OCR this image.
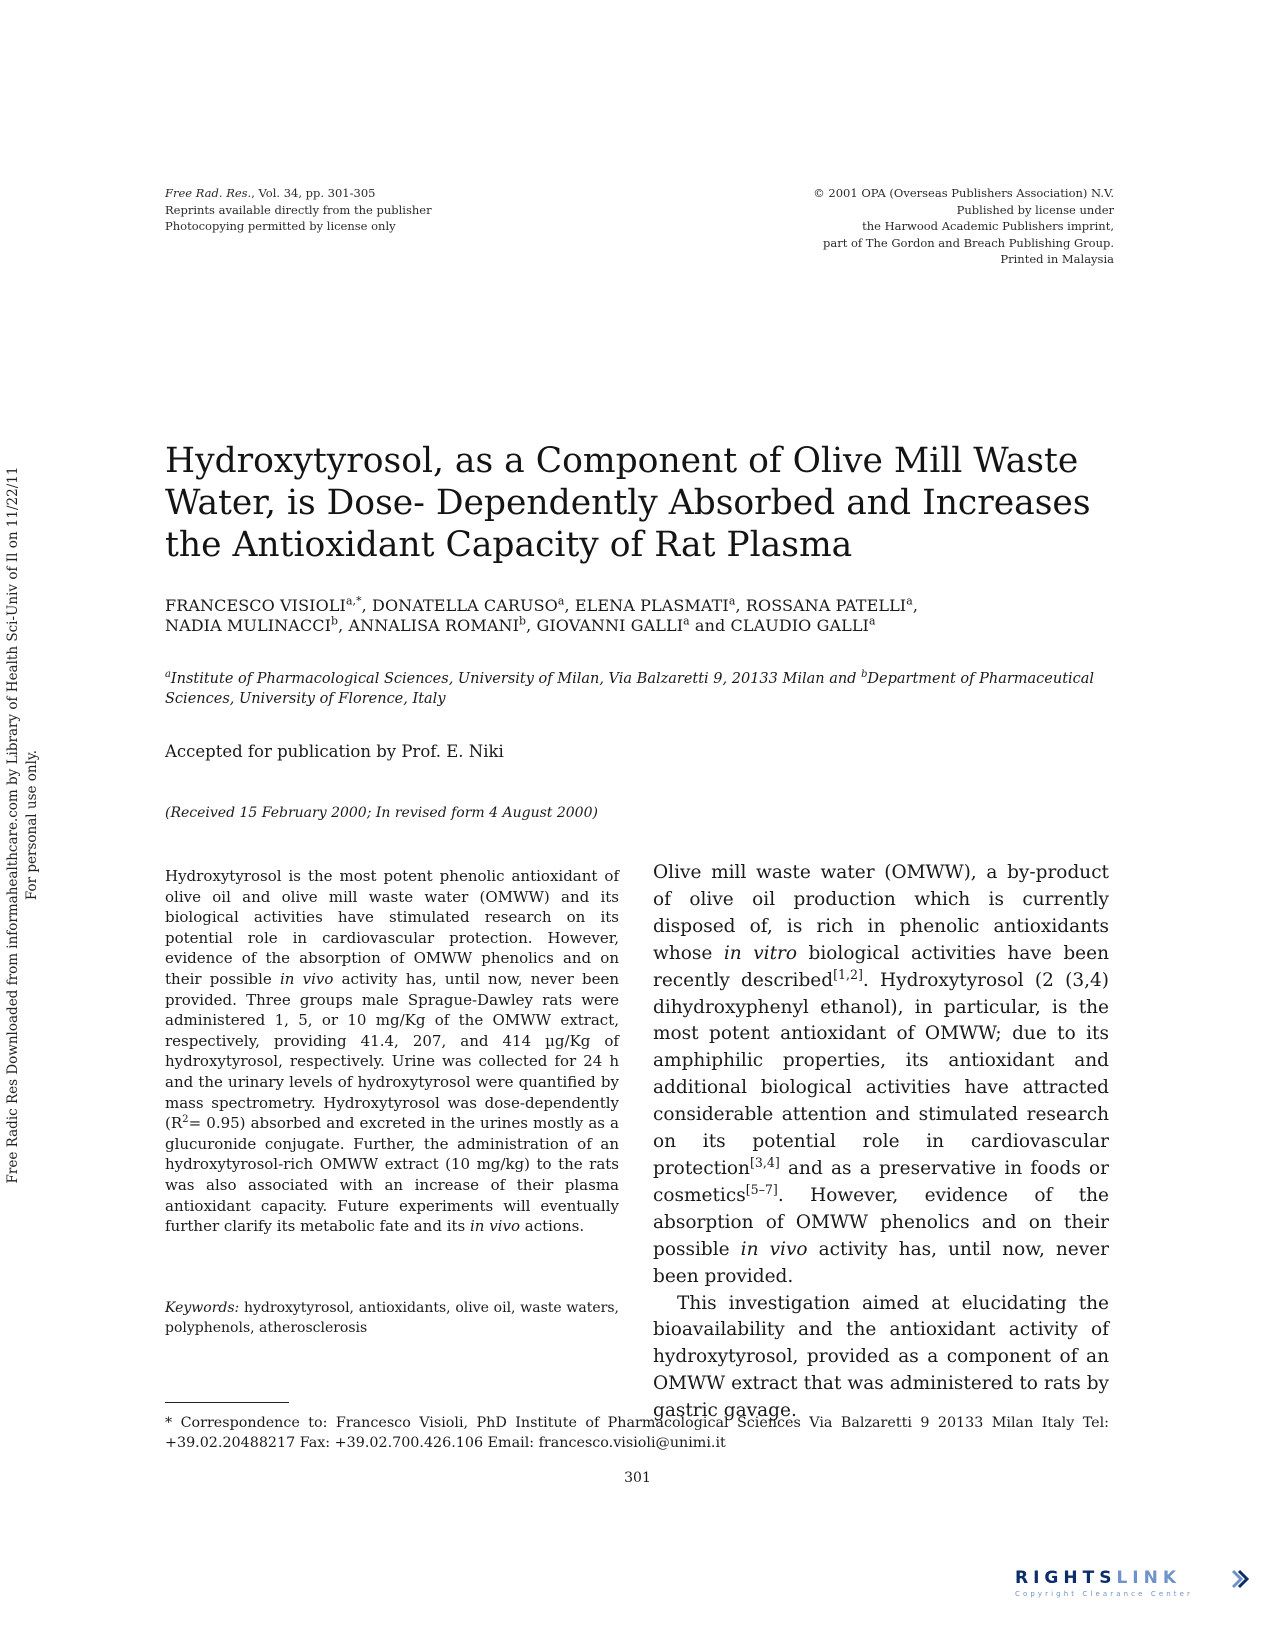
Free Rad. Res., Vol. 34, pp. 301-305
Reprints available directly from the publisher
Photocopying permitted by license only
© 2001 OPA (Overseas Publishers Association) N.V.
Published by license under
the Harwood Academic Publishers imprint,
part of The Gordon and Breach Publishing Group.
Printed in Malaysia
Free Radic Res Downloaded from informahealthcare.com by Library of Health Sci-Univ of Il on 11/22/11 For personal use only.
Hydroxytyrosol, as a Component of Olive Mill Waste
Water, is Dose- Dependently Absorbed and Increases
the Antioxidant Capacity of Rat Plasma
FRANCESCO $VISIOLI^{a,*}$, DONATELLA CARUSO$^a$, ELENA PLASMATI$^a$, ROSSANA PATELLI$^a$,
NADIA MULINACCI$^b$, ANNALISA ROMANI$^b$, GIOVANNI GALLI$^a$ and CLAUDIO GALLI$^a$
$^a$Institute of Pharmacological Sciences, University of Milan, Via Balzaretti 9, 20133 Milan and $^b$Department of Pharmaceutical Sciences, University of Florence, Italy
Accepted for publication by Prof. E. Niki
(Received 15 February 2000; In revised form 4 August 2000)
Hydroxytyrosol is the most potent phenolic antioxidant of olive oil and olive mill waste water (OMWW) and its biological activities have stimulated research on its potential role in cardiovascular protection. However, evidence of the absorption of OMWW phenolics and on their possible in vivo activity has, until now, never been provided. Three groups male Sprague-Dawley rats were administered 1, 5, or 10 mg/Kg of the OMWW extract, respectively, providing 41.4, 207, and 414 µg/Kg of hydroxytyrosol, respectively. Urine was collected for 24 h and the urinary levels of hydroxytyrosol were quantified by mass spectrometry. Hydroxytyrosol was dose-dependently $(R^2= 0.95)$ absorbed and excreted in the urines mostly as a glucuronide conjugate. Further, the administration of an hydroxytyrosol-rich OMWW extract (10 mg/kg) to the rats was also associated with an increase of their plasma antioxidant capacity. Future experiments will eventually further clarify its metabolic fate and its in vivo actions.
Keywords: hydroxytyrosol, antioxidants, olive oil, waste waters, polyphenols, atherosclerosis

Olive mill waste water (OMWW), a by-product of olive oil production which is currently disposed of, is rich in phenolic antioxidants whose in vitro biological activities have been recently described[1,2]. Hydroxytyrosol (2 (3,4) dihydroxyphenyl ethanol), in particular, is the most potent antioxidant of OMWW; due to its amphiphilic properties, its antioxidant and additional biological activities have attracted considerable attention and stimulated research on its potential role in cardiovascular protection[3,4] and as a preservative in foods or cosmetics[5–7]. However, evidence of the absorption of OMWW phenolics and on their possible in vivo activity has, until now, never been provided.

This investigation aimed at elucidating the bioavailability and the antioxidant activity of hydroxytyrosol, provided as a component of an OMWW extract that was administered to rats by gastric gavage.

* Correspondence to: Francesco Visioli, PhD Institute of Pharmacological Sciences Via Balzaretti 9 20133 Milan Italy Tel: +39.02.20488217 Fax: +39.02.700.426.106 Email: francesco.visioli@unimi.it
301
RIGHTSLINK
Copyright Clearance Center
